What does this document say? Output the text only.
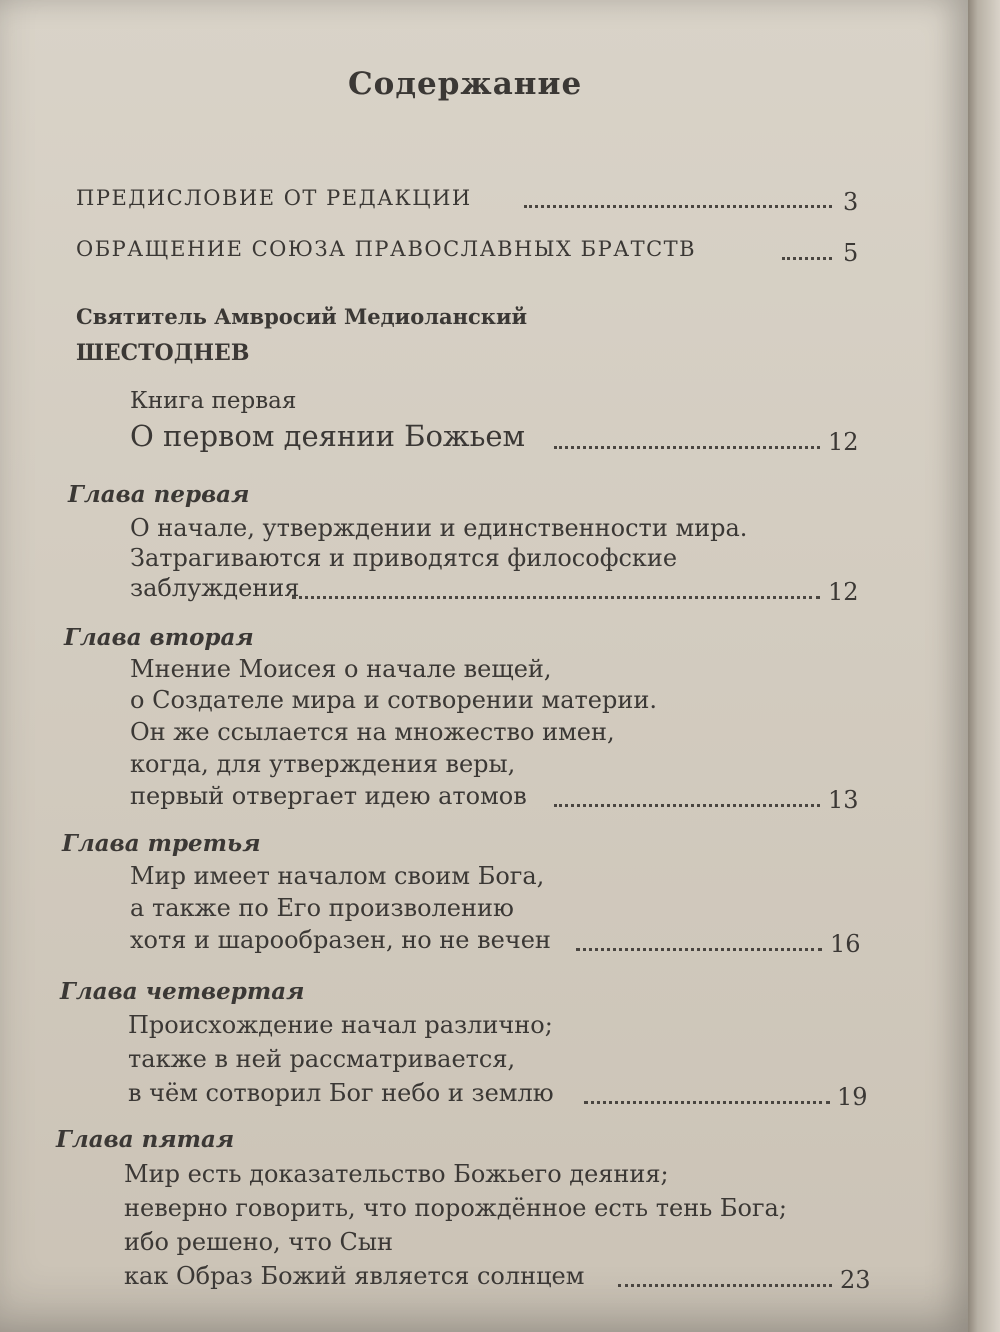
Содержание
ПРЕДИСЛОВИЕ ОТ РЕДАКЦИИ	3
ОБРАЩЕНИЕ СОЮЗА ПРАВОСЛАВНЫХ БРАТСТВ	5
Святитель Амвросий Медиоланский
ШЕСТОДНЕВ
Книга первая
О первом деянии Божьем	12
Глава первая
О начале, утверждении и единственности мира.
Затрагиваются и приводятся философские
заблуждения	12
Глава вторая
Мнение Моисея о начале вещей,
о Создателе мира и сотворении материи.
Он же ссылается на множество имен,
когда, для утверждения веры,
первый отвергает идею атомов	13
Глава третья
Мир имеет началом своим Бога,
а также по Его произволению
хотя и шарообразен, но не вечен	16
Глава четвертая
Происхождение начал различно;
также в ней рассматривается,
в чём сотворил Бог небо и землю	19
Глава пятая
Мир есть доказательство Божьего деяния;
неверно говорить, что порождённое есть тень Бога;
ибо решено, что Сын
как Образ Божий является солнцем	23
